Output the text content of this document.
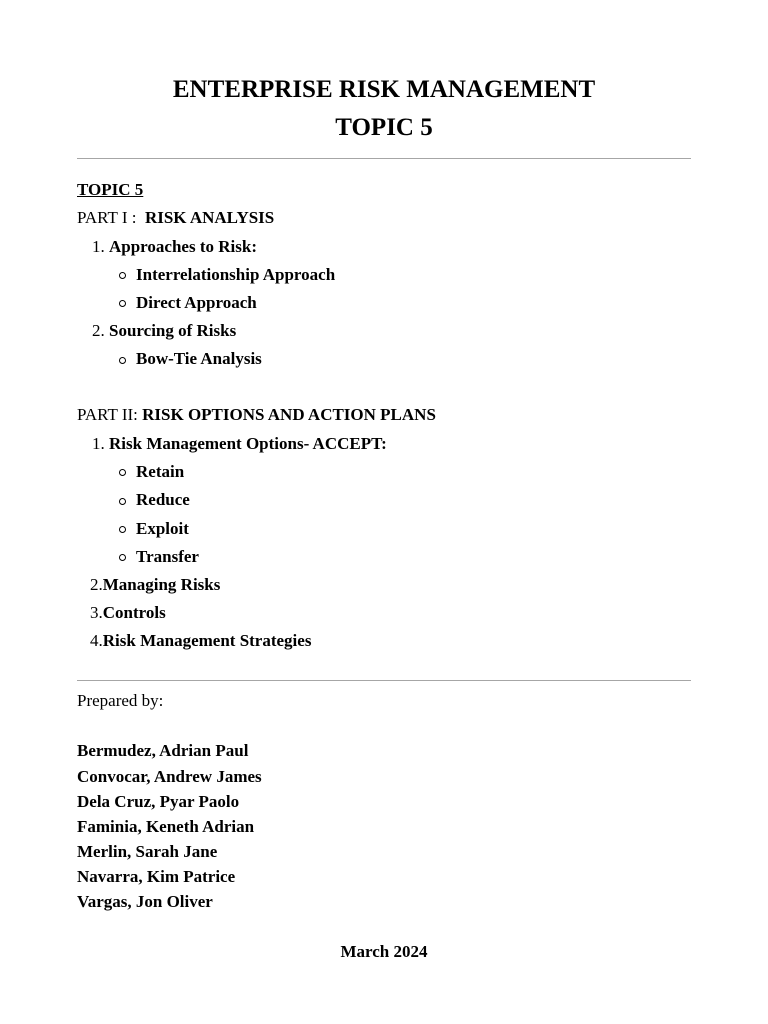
ENTERPRISE RISK MANAGEMENT
TOPIC 5
TOPIC 5
PART I : RISK ANALYSIS
1. Approaches to Risk:
Interrelationship Approach
Direct Approach
2. Sourcing of Risks
Bow-Tie Analysis
PART II: RISK OPTIONS AND ACTION PLANS
1. Risk Management Options- ACCEPT:
Retain
Reduce
Exploit
Transfer
2.Managing Risks
3.Controls
4.Risk Management Strategies
Prepared by:
Bermudez, Adrian Paul
Convocar, Andrew James
Dela Cruz, Pyar Paolo
Faminia, Keneth Adrian
Merlin, Sarah Jane
Navarra, Kim Patrice
Vargas, Jon Oliver
March 2024
